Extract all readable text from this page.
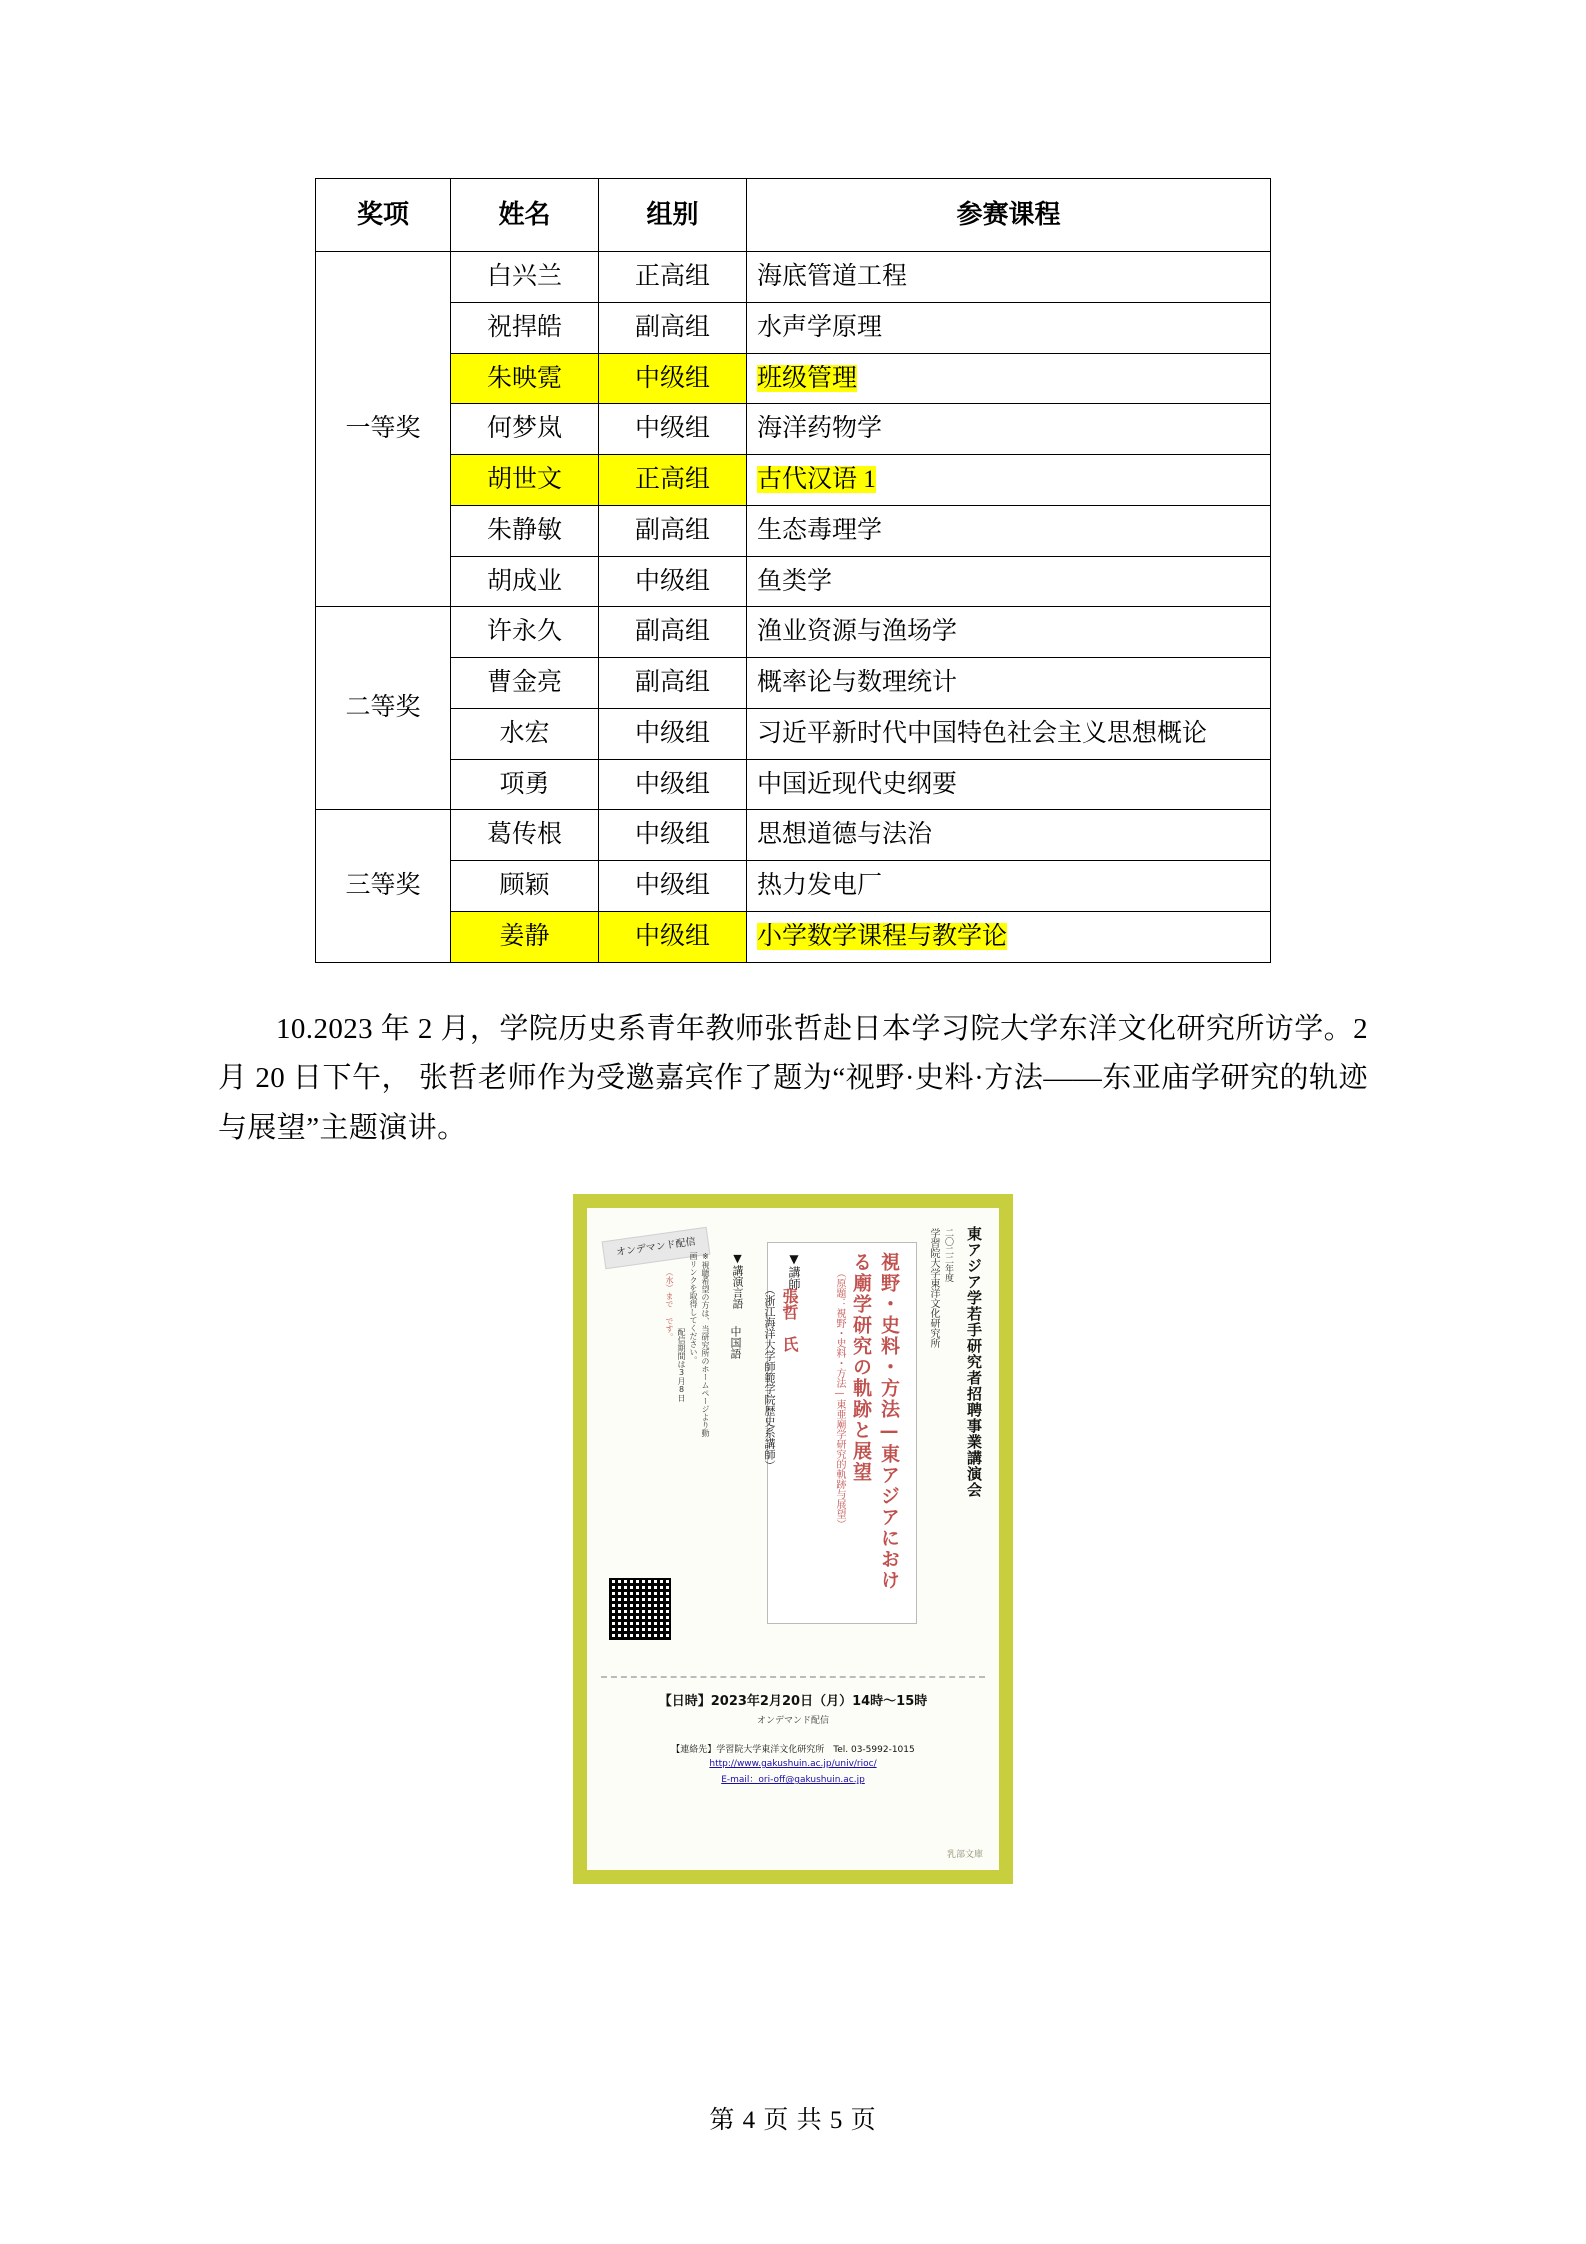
奖项	姓名	组别	参赛课程
一等奖	白兴兰	正高组	海底管道工程
	祝捍皓	副高组	水声学原理
	朱映霓	中级组	班级管理
	何梦岚	中级组	海洋药物学
	胡世文	正高组	古代汉语 1
	朱静敏	副高组	生态毒理学
	胡成业	中级组	鱼类学
二等奖	许永久	副高组	渔业资源与渔场学
	曹金亮	副高组	概率论与数理统计
	水宏	中级组	习近平新时代中国特色社会主义思想概论
	项勇	中级组	中国近现代史纲要
三等奖	葛传根	中级组	思想道德与法治
	顾颖	中级组	热力发电厂
	姜静	中级组	小学数学课程与教学论

10.2023 年 2 月，学院历史系青年教师张哲赴日本学习院大学东洋文化研究所访学。2 月 20 日下午， 张哲老师作为受邀嘉宾作了题为“视野·史料·方法——东亚庙学研究的轨迹与展望”主题演讲。

オンデマンド配信	東アジア学若手研究者招聘事業講演会
二〇二二年度
学習院大学東洋文化研究所
視野・史料・方法—東アジアにおけ
る廟学研究の軌跡と展望
（原題：視野・史料・方法—東亜廟学研究的軌跡与展望）
▼講師
張哲　氏
（浙江海洋大学師範学院歴史系講師）
▼講演言語
中国語
※視聴希望の方は、当研究所のホームページより動
画リンクを取得してください。
配信期間は3月8日
（水）まで です。
【日時】2023年2月20日（月）14時～15時
オンデマンド配信
【連絡先】学習院大学東洋文化研究所　Tel. 03-5992-1015
http://www.gakushuin.ac.jp/univ/rioc/
E-mail：ori-off@gakushuin.ac.jp
乳部文庫
第 4 页 共 5 页
